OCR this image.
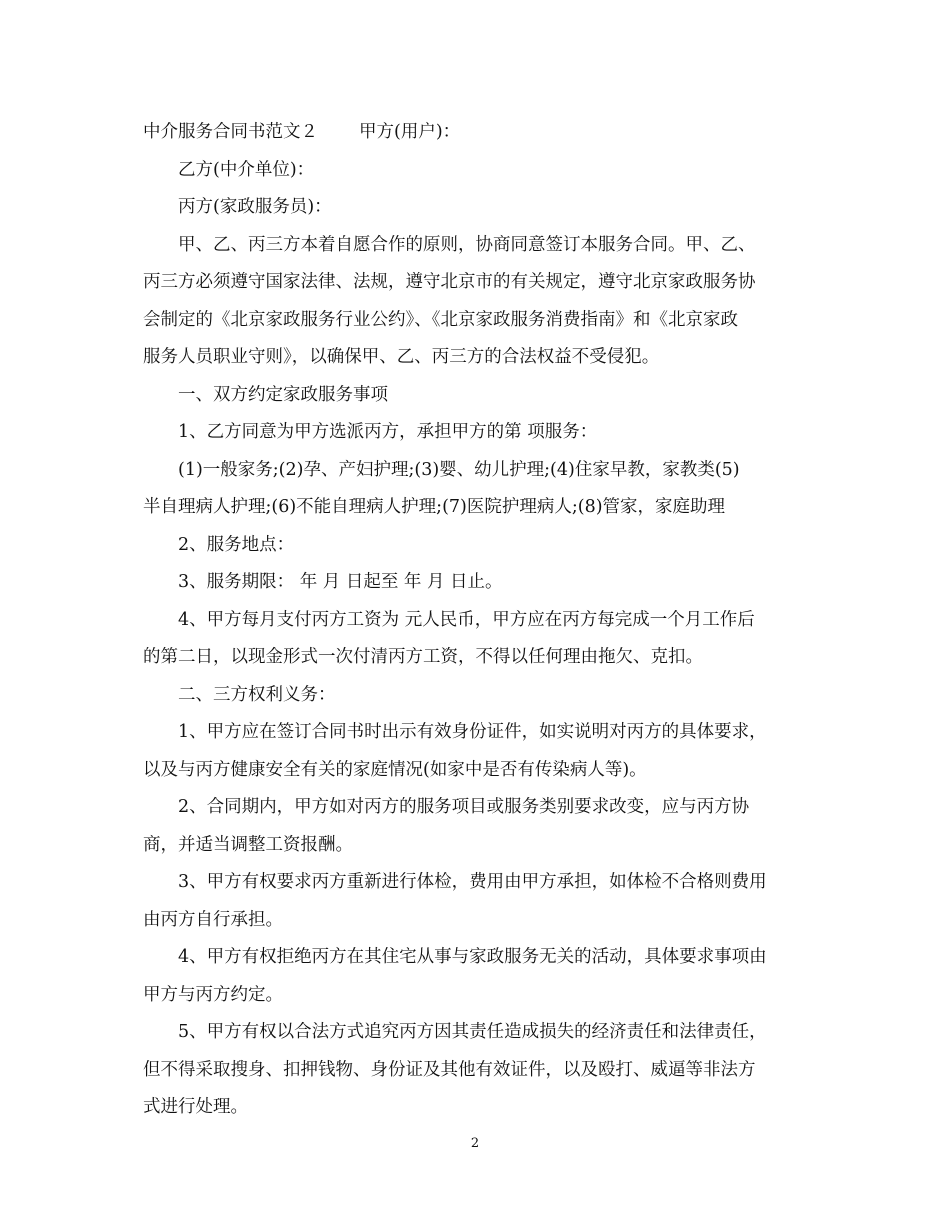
中介服务合同书范文２ 甲方(用户)：

乙方(中介单位)：

丙方(家政服务员)：

甲、乙、丙三方本着自愿合作的原则，协商同意签订本服务合同。甲、乙、

丙三方必须遵守国家法律、法规，遵守北京市的有关规定，遵守北京家政服务协

会制定的《北京家政服务行业公约》、《北京家政服务消费指南》和《北京家政

服务人员职业守则》，以确保甲、乙、丙三方的合法权益不受侵犯。

一、双方约定家政服务事项

1、乙方同意为甲方选派丙方，承担甲方的第 项服务：

(1)一般家务;(2)孕、产妇护理;(3)婴、幼儿护理;(4)住家早教，家教类(5)

半自理病人护理;(6)不能自理病人护理;(7)医院护理病人;(8)管家，家庭助理

2、服务地点：

3、服务期限： 年 月 日起至 年 月 日止。

4、甲方每月支付丙方工资为 元人民币，甲方应在丙方每完成一个月工作后

的第二日，以现金形式一次付清丙方工资，不得以任何理由拖欠、克扣。

二、三方权利义务：

1、甲方应在签订合同书时出示有效身份证件，如实说明对丙方的具体要求，

以及与丙方健康安全有关的家庭情况(如家中是否有传染病人等)。

2、合同期内，甲方如对丙方的服务项目或服务类别要求改变，应与丙方协

商，并适当调整工资报酬。

3、甲方有权要求丙方重新进行体检，费用由甲方承担，如体检不合格则费用

由丙方自行承担。

4、甲方有权拒绝丙方在其住宅从事与家政服务无关的活动，具体要求事项由

甲方与丙方约定。

5、甲方有权以合法方式追究丙方因其责任造成损失的经济责任和法律责任，

但不得采取搜身、扣押钱物、身份证及其他有效证件，以及殴打、威逼等非法方

式进行处理。

2
